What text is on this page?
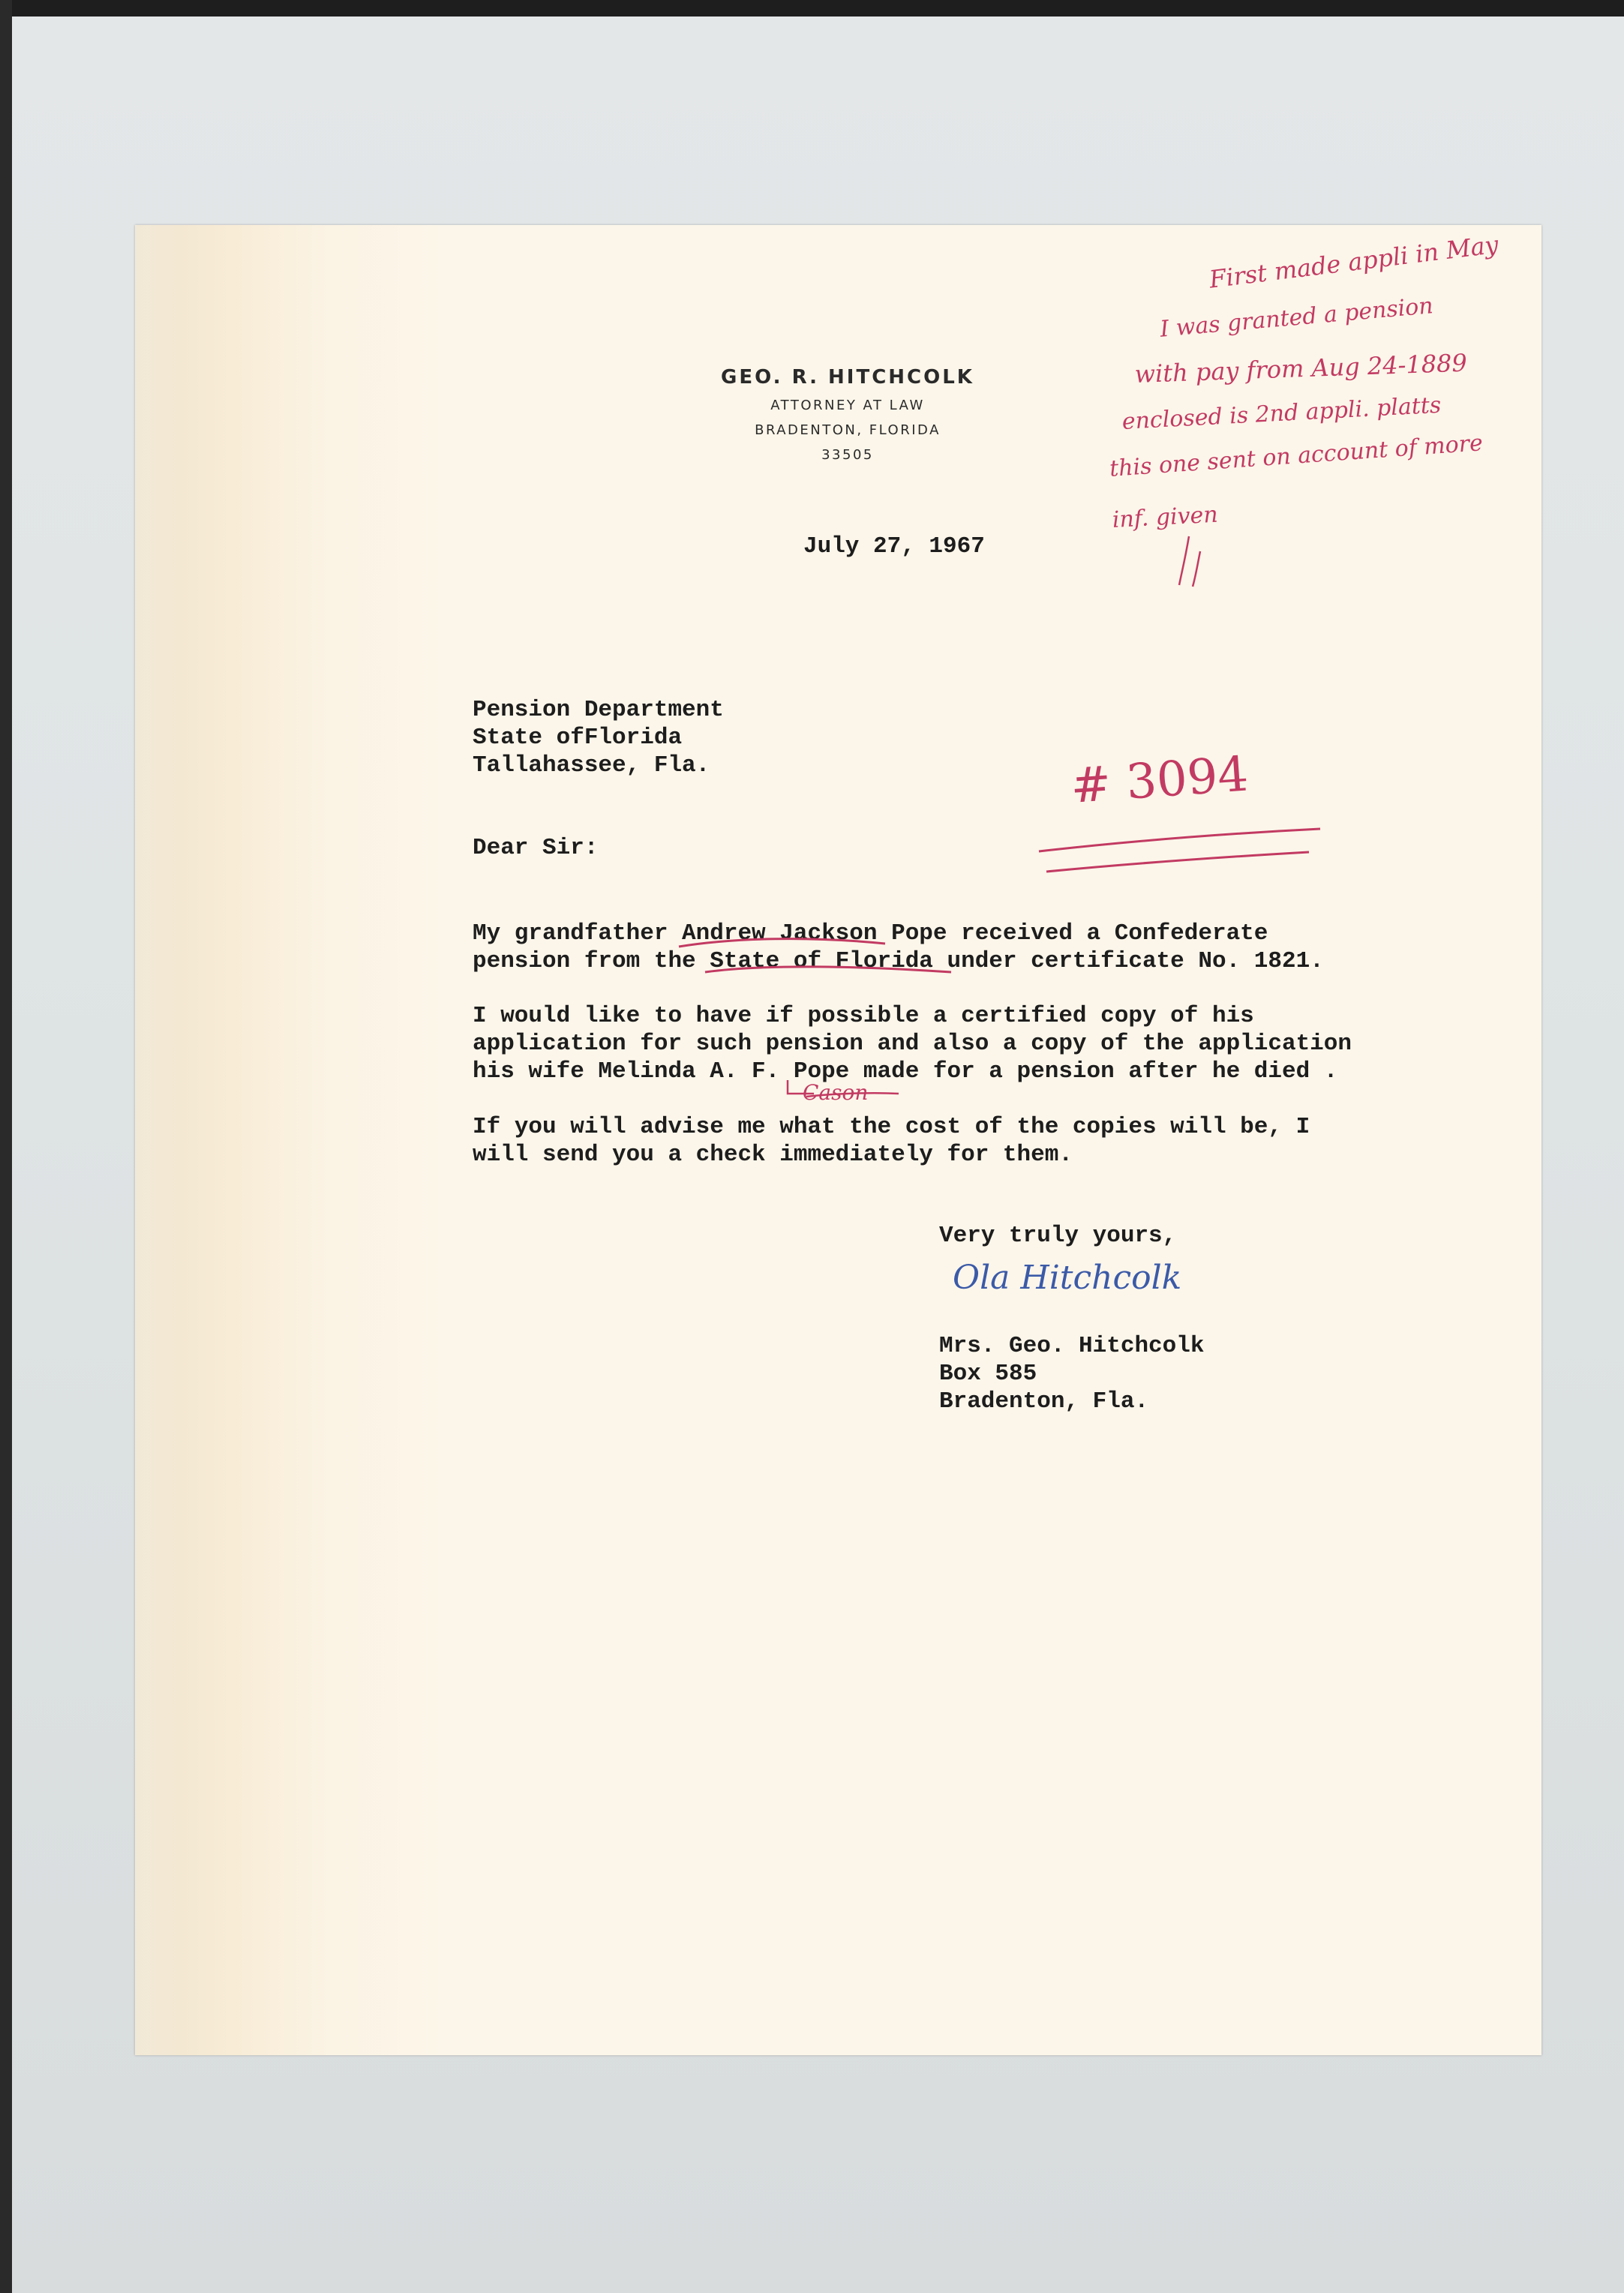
GEO. R. HITCHCOLK
ATTORNEY AT LAW
BRADENTON, FLORIDA
33505
July 27, 1967
Pension Department
State ofFlorida
Tallahassee, Fla.
Dear Sir:
My grandfather Andrew Jackson Pope received a Confederate
pension from the State of Florida under certificate No. 1821.
I would like to have if possible a certified copy of his
application for such pension and also a copy of the application
his wife Melinda A. F. Pope made for a pension after he died .
If you will advise me what the cost of the copies will be, I
will send you a check immediately for them.
Very truly yours,
Ola Hitchcolk
Mrs. Geo. Hitchcolk
Box 585
Bradenton, Fla.
First made appli in May
I was granted a pension
with pay from Aug 24-1889
enclosed is 2nd appli. platts
this one sent on account of more
inf. given
# 3094
Cason
